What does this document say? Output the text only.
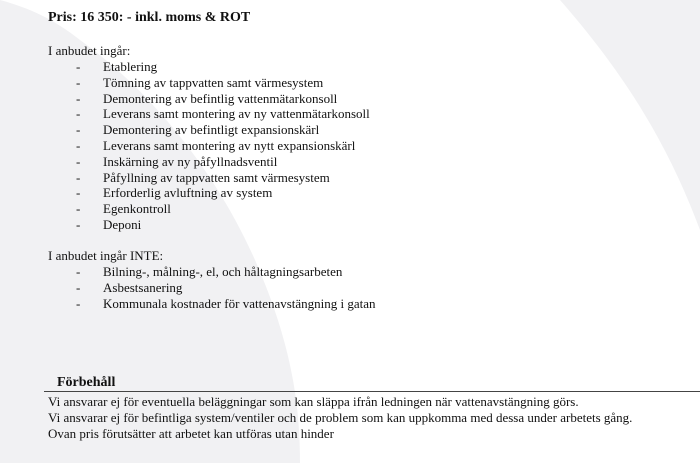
Pris: 16 350: - inkl. moms & ROT
I anbudet ingår:
- Etablering
- Tömning av tappvatten samt värmesystem
- Demontering av befintlig vattenmätarkonsoll
- Leverans samt montering av ny vattenmätarkonsoll
- Demontering av befintligt expansionskärl
- Leverans samt montering av nytt expansionskärl
- Inskärning av ny påfyllnadsventil
- Påfyllning av tappvatten samt värmesystem
- Erforderlig avluftning av system
- Egenkontroll
- Deponi
I anbudet ingår INTE:
- Bilning-, målning-, el, och håltagningsarbeten
- Asbestsanering
- Kommunala kostnader för vattenavstängning i gatan
Förbehåll
Vi ansvarar ej för eventuella beläggningar som kan släppa ifrån ledningen när vattenavstängning görs.
Vi ansvarar ej för befintliga system/ventiler och de problem som kan uppkomma med dessa under arbetets gång.
Ovan pris förutsätter att arbetet kan utföras utan hinder
